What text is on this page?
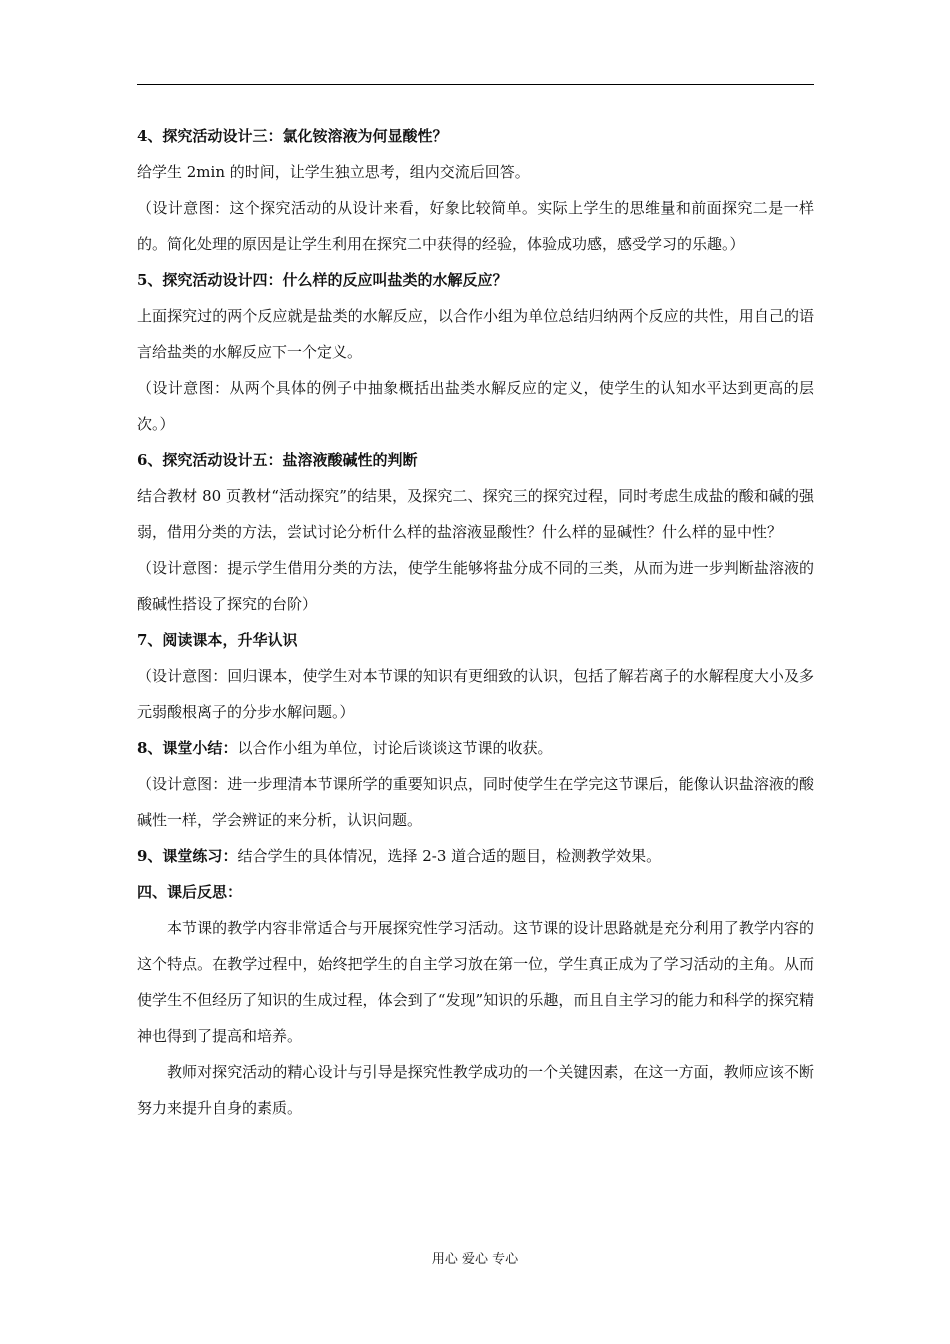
4、探究活动设计三：氯化铵溶液为何显酸性？

给学生 2min 的时间，让学生独立思考，组内交流后回答。

（设计意图：这个探究活动的从设计来看，好象比较简单。实际上学生的思维量和前面探究二是一样的。简化处理的原因是让学生利用在探究二中获得的经验，体验成功感，感受学习的乐趣。）

5、探究活动设计四：什么样的反应叫盐类的水解反应？

上面探究过的两个反应就是盐类的水解反应，以合作小组为单位总结归纳两个反应的共性，用自己的语言给盐类的水解反应下一个定义。

（设计意图：从两个具体的例子中抽象概括出盐类水解反应的定义，使学生的认知水平达到更高的层次。）

6、探究活动设计五：盐溶液酸碱性的判断

结合教材 80 页教材“活动探究”的结果，及探究二、探究三的探究过程，同时考虑生成盐的酸和碱的强弱，借用分类的方法，尝试讨论分析什么样的盐溶液显酸性？什么样的显碱性？什么样的显中性？

（设计意图：提示学生借用分类的方法，使学生能够将盐分成不同的三类，从而为进一步判断盐溶液的酸碱性搭设了探究的台阶）

7、阅读课本，升华认识

（设计意图：回归课本，使学生对本节课的知识有更细致的认识，包括了解若离子的水解程度大小及多元弱酸根离子的分步水解问题。）

8、课堂小结：以合作小组为单位，讨论后谈谈这节课的收获。

（设计意图：进一步理清本节课所学的重要知识点，同时使学生在学完这节课后，能像认识盐溶液的酸碱性一样，学会辨证的来分析，认识问题。

9、课堂练习：结合学生的具体情况，选择 2-3 道合适的题目，检测教学效果。

四、课后反思：

本节课的教学内容非常适合与开展探究性学习活动。这节课的设计思路就是充分利用了教学内容的这个特点。在教学过程中，始终把学生的自主学习放在第一位，学生真正成为了学习活动的主角。从而使学生不但经历了知识的生成过程，体会到了“发现”知识的乐趣，而且自主学习的能力和科学的探究精神也得到了提高和培养。

教师对探究活动的精心设计与引导是探究性教学成功的一个关键因素，在这一方面，教师应该不断努力来提升自身的素质。

用心 爱心 专心
